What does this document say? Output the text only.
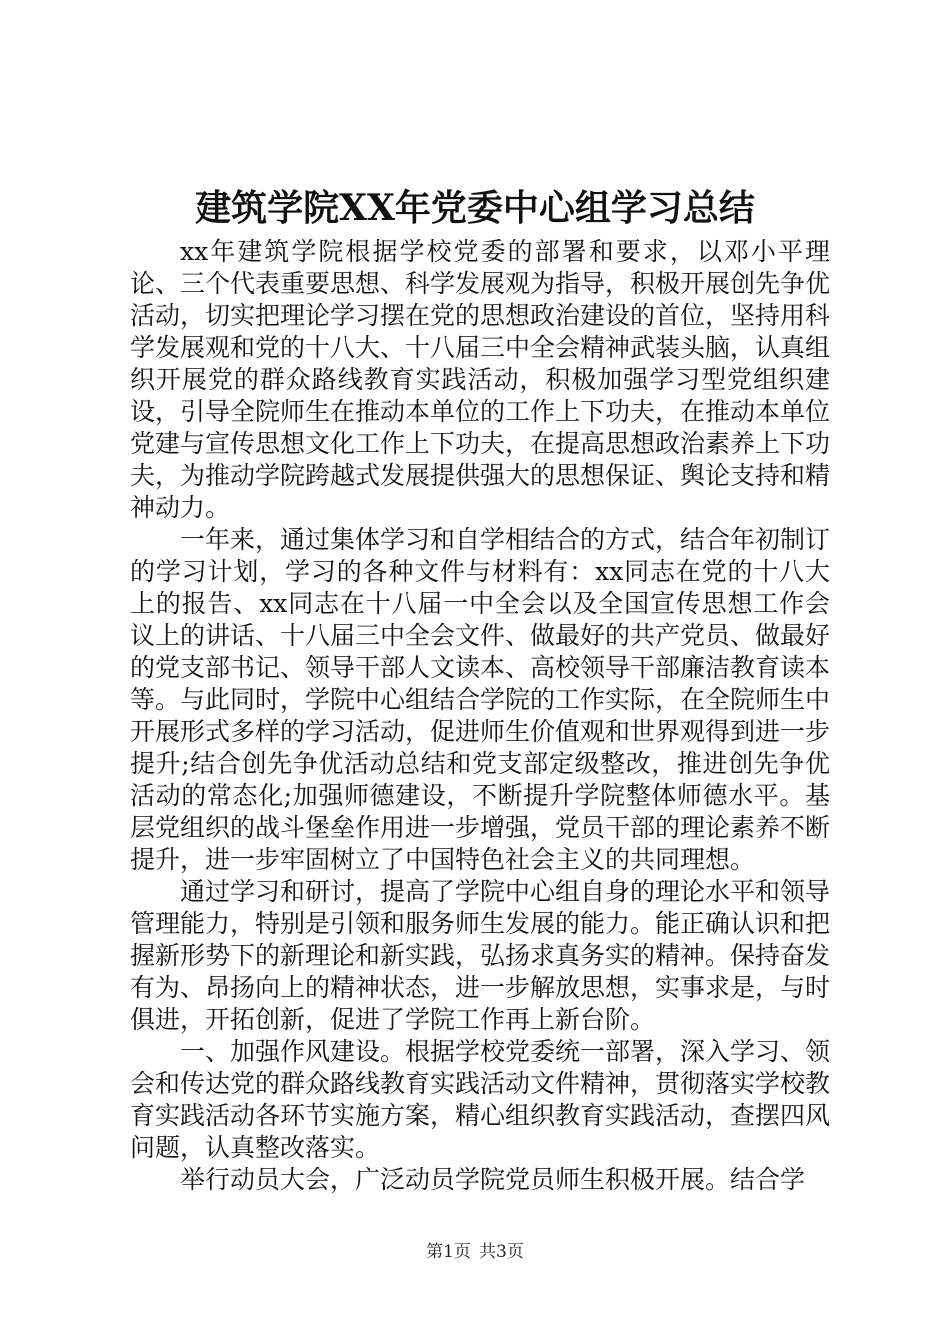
建筑学院XX年党委中心组学习总结

xx年建筑学院根据学校党委的部署和要求，以邓小平理论、三个代表重要思想、科学发展观为指导，积极开展创先争优活动，切实把理论学习摆在党的思想政治建设的首位，坚持用科学发展观和党的十八大、十八届三中全会精神武装头脑，认真组织开展党的群众路线教育实践活动，积极加强学习型党组织建设，引导全院师生在推动本单位的工作上下功夫，在推动本单位党建与宣传思想文化工作上下功夫，在提高思想政治素养上下功夫，为推动学院跨越式发展提供强大的思想保证、舆论支持和精神动力。

一年来，通过集体学习和自学相结合的方式，结合年初制订的学习计划，学习的各种文件与材料有：xx同志在党的十八大上的报告、xx同志在十八届一中全会以及全国宣传思想工作会议上的讲话、十八届三中全会文件、做最好的共产党员、做最好的党支部书记、领导干部人文读本、高校领导干部廉洁教育读本等。与此同时，学院中心组结合学院的工作实际，在全院师生中开展形式多样的学习活动，促进师生价值观和世界观得到进一步提升;结合创先争优活动总结和党支部定级整改，推进创先争优活动的常态化;加强师德建设，不断提升学院整体师德水平。基层党组织的战斗堡垒作用进一步增强，党员干部的理论素养不断提升，进一步牢固树立了中国特色社会主义的共同理想。

通过学习和研讨，提高了学院中心组自身的理论水平和领导管理能力，特别是引领和服务师生发展的能力。能正确认识和把握新形势下的新理论和新实践，弘扬求真务实的精神。保持奋发有为、昂扬向上的精神状态，进一步解放思想，实事求是，与时俱进，开拓创新，促进了学院工作再上新台阶。

一、加强作风建设。根据学校党委统一部署，深入学习、领会和传达党的群众路线教育实践活动文件精神，贯彻落实学校教育实践活动各环节实施方案，精心组织教育实践活动，查摆四风问题，认真整改落实。

举行动员大会，广泛动员学院党员师生积极开展。结合学

第1页 共3页
